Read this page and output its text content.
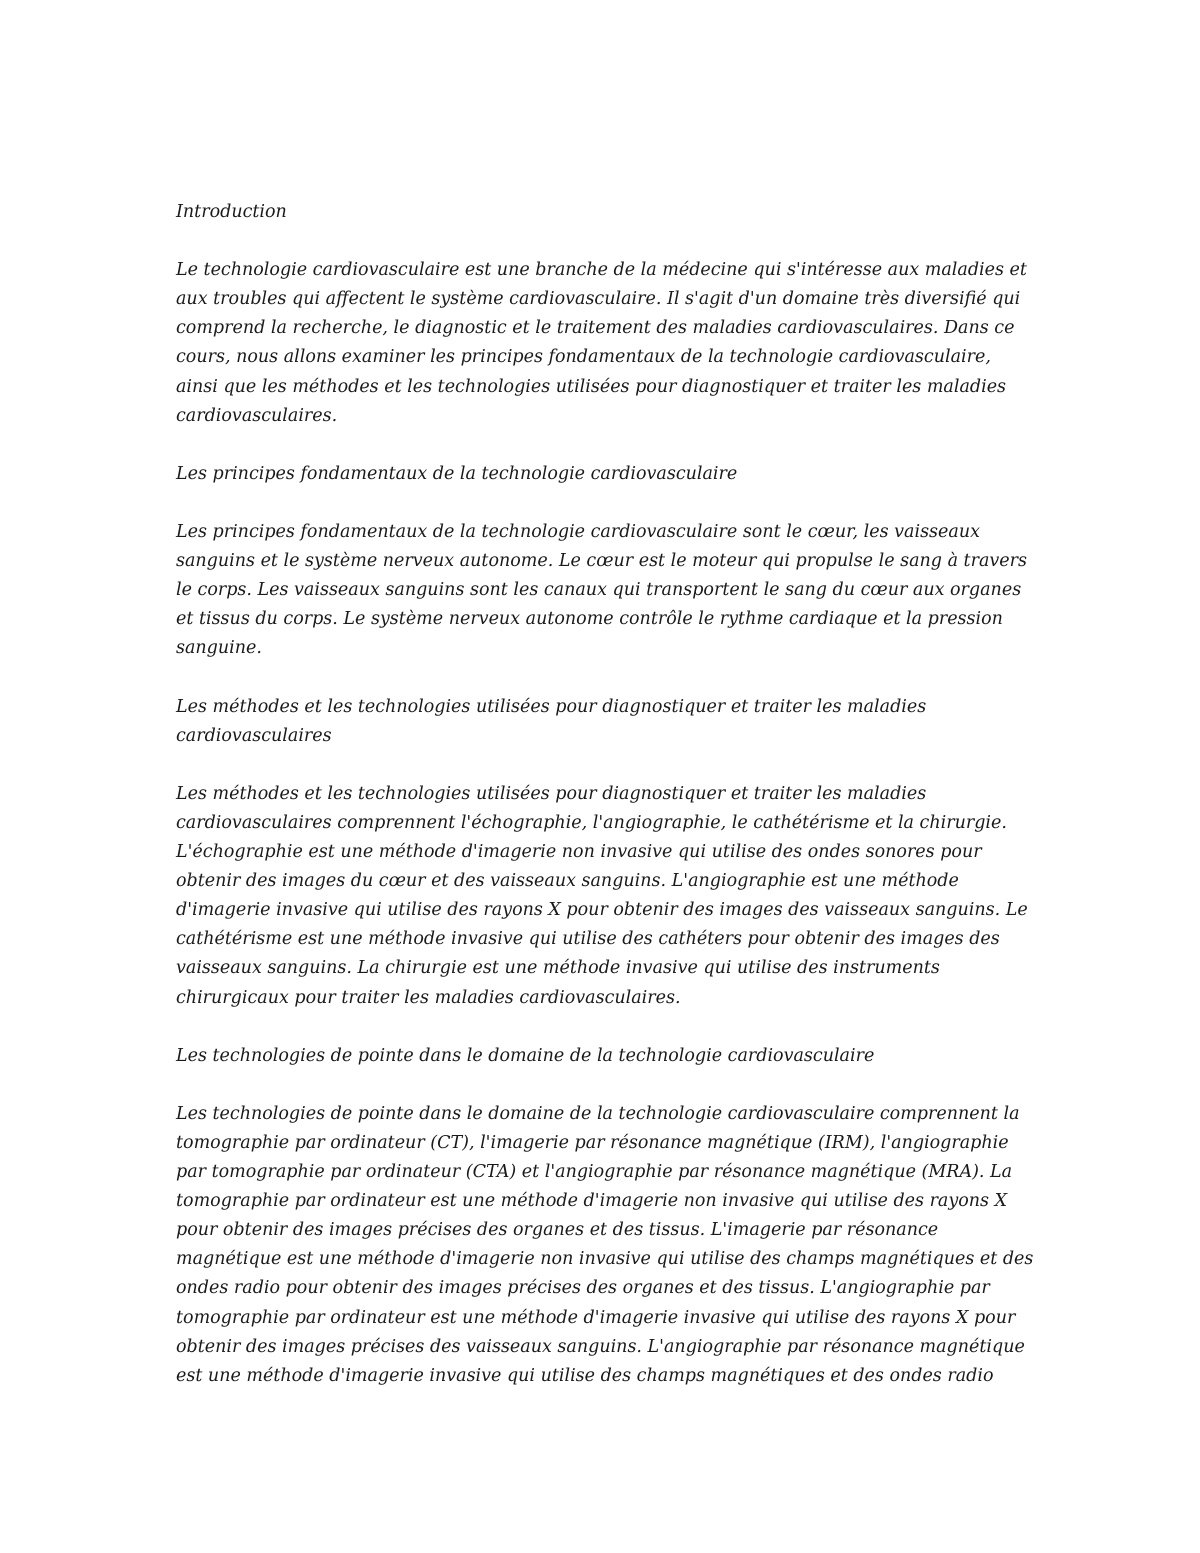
Introduction

Le technologie cardiovasculaire est une branche de la médecine qui s'intéresse aux maladies et aux troubles qui affectent le système cardiovasculaire. Il s'agit d'un domaine très diversifié qui comprend la recherche, le diagnostic et le traitement des maladies cardiovasculaires. Dans ce cours, nous allons examiner les principes fondamentaux de la technologie cardiovasculaire, ainsi que les méthodes et les technologies utilisées pour diagnostiquer et traiter les maladies cardiovasculaires.

Les principes fondamentaux de la technologie cardiovasculaire

Les principes fondamentaux de la technologie cardiovasculaire sont le cœur, les vaisseaux sanguins et le système nerveux autonome. Le cœur est le moteur qui propulse le sang à travers le corps. Les vaisseaux sanguins sont les canaux qui transportent le sang du cœur aux organes et tissus du corps. Le système nerveux autonome contrôle le rythme cardiaque et la pression sanguine.

Les méthodes et les technologies utilisées pour diagnostiquer et traiter les maladies cardiovasculaires

Les méthodes et les technologies utilisées pour diagnostiquer et traiter les maladies cardiovasculaires comprennent l'échographie, l'angiographie, le cathétérisme et la chirurgie. L'échographie est une méthode d'imagerie non invasive qui utilise des ondes sonores pour obtenir des images du cœur et des vaisseaux sanguins. L'angiographie est une méthode d'imagerie invasive qui utilise des rayons X pour obtenir des images des vaisseaux sanguins. Le cathétérisme est une méthode invasive qui utilise des cathéters pour obtenir des images des vaisseaux sanguins. La chirurgie est une méthode invasive qui utilise des instruments chirurgicaux pour traiter les maladies cardiovasculaires.

Les technologies de pointe dans le domaine de la technologie cardiovasculaire

Les technologies de pointe dans le domaine de la technologie cardiovasculaire comprennent la tomographie par ordinateur (CT), l'imagerie par résonance magnétique (IRM), l'angiographie par tomographie par ordinateur (CTA) et l'angiographie par résonance magnétique (MRA). La tomographie par ordinateur est une méthode d'imagerie non invasive qui utilise des rayons X pour obtenir des images précises des organes et des tissus. L'imagerie par résonance magnétique est une méthode d'imagerie non invasive qui utilise des champs magnétiques et des ondes radio pour obtenir des images précises des organes et des tissus. L'angiographie par tomographie par ordinateur est une méthode d'imagerie invasive qui utilise des rayons X pour obtenir des images précises des vaisseaux sanguins. L'angiographie par résonance magnétique est une méthode d'imagerie invasive qui utilise des champs magnétiques et des ondes radio
